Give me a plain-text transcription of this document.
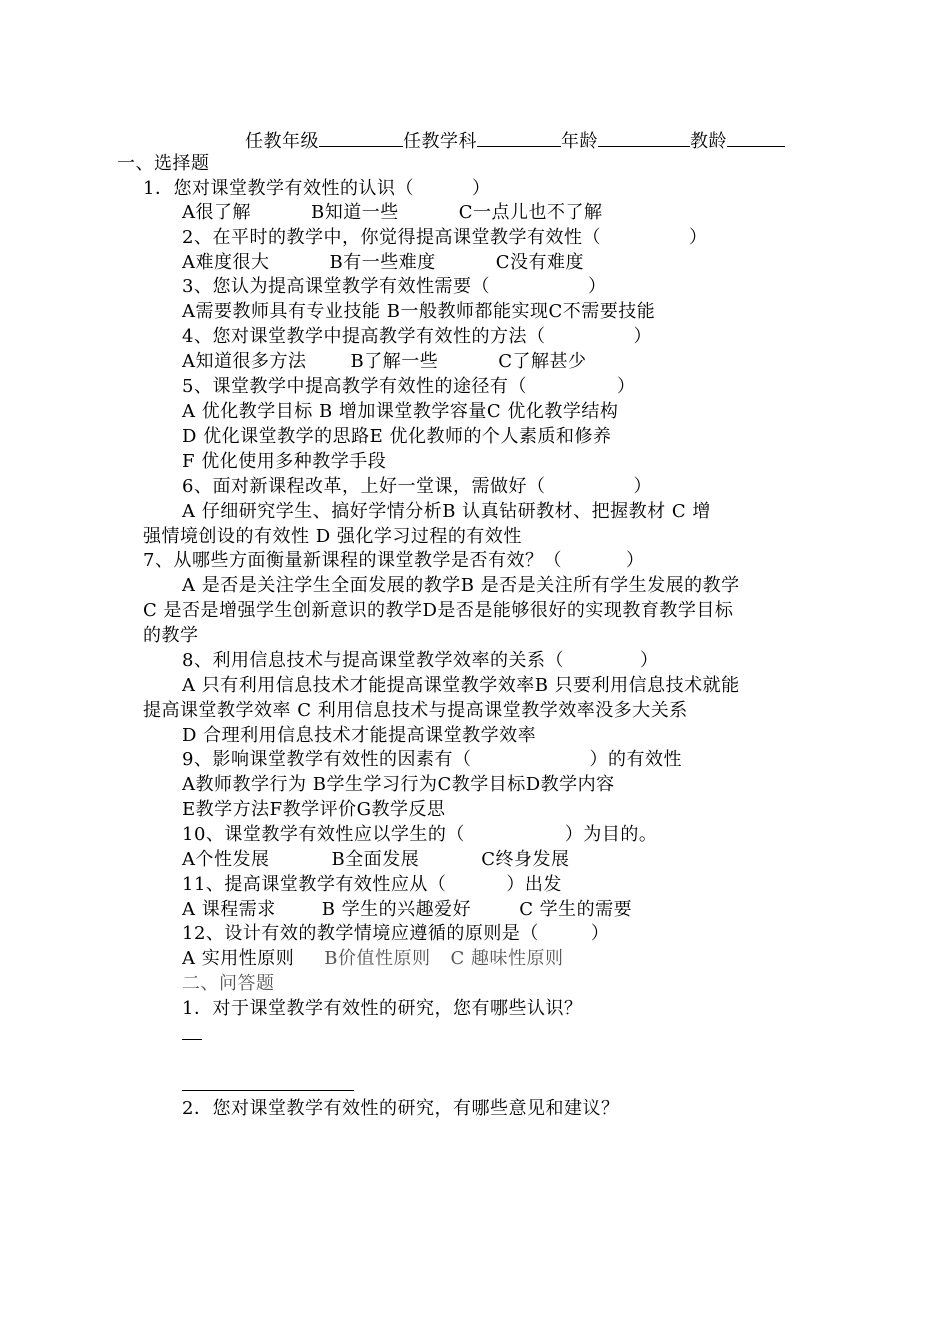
任教年级	任教学科	年龄	教龄
一、选择题
1．您对课堂教学有效性的认识（	）
A很了解	B知道一些	C一点儿也不了解
2、在平时的教学中，你觉得提高课堂教学有效性（	）
A难度很大	B有一些难度	C没有难度
3、您认为提高课堂教学有效性需要（	）
A需要教师具有专业技能 B一般教师都能实现C不需要技能
4、您对课堂教学中提高教学有效性的方法（	）
A知道很多方法 B了解一些	C了解甚少
5、课堂教学中提高教学有效性的途径有（	）
A 优化教学目标 B 增加课堂教学容量C 优化教学结构
D 优化课堂教学的思路E 优化教师的个人素质和修养
F 优化使用多种教学手段
6、面对新课程改革，上好一堂课，需做好（	）
A 仔细研究学生、搞好学情分析B 认真钻研教材、把握教材 C 增
强情境创设的有效性 D 强化学习过程的有效性
7、从哪些方面衡量新课程的课堂教学是否有效？（	）
A 是否是关注学生全面发展的教学B 是否是关注所有学生发展的教学
C 是否是增强学生创新意识的教学D是否是能够很好的实现教育教学目标
的教学
8、利用信息技术与提高课堂教学效率的关系（	）
A 只有利用信息技术才能提高课堂教学效率B 只要利用信息技术就能
提高课堂教学效率 C 利用信息技术与提高课堂教学效率没多大关系
D 合理利用信息技术才能提高课堂教学效率
9、影响课堂教学有效性的因素有（	）的有效性
A教师教学行为 B学生学习行为C教学目标D教学内容
E教学方法F教学评价G教学反思
10、课堂教学有效性应以学生的（	）为目的。
A个性发展	B全面发展	C终身发展
11、提高课堂教学有效性应从（	）出发
A 课程需求	B 学生的兴趣爱好	C 学生的需要
12、设计有效的教学情境应遵循的原则是（	）
A 实用性原则 B价值性原则 C 趣味性原则
二、问答题
1．对于课堂教学有效性的研究，您有哪些认识？
2．您对课堂教学有效性的研究，有哪些意见和建议？
